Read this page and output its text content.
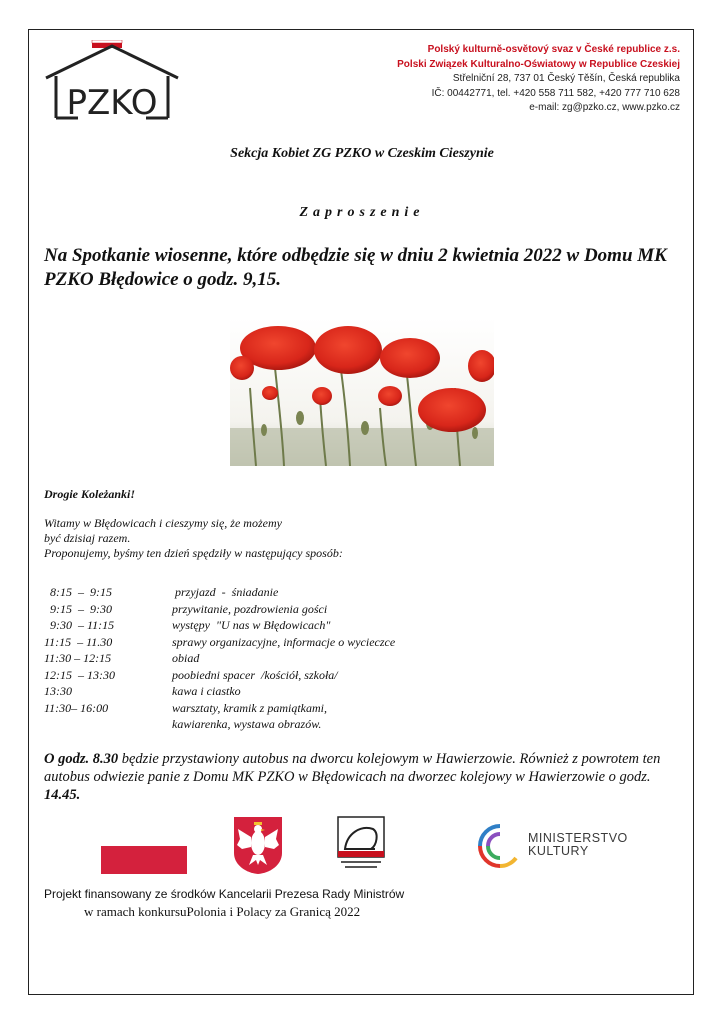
PZKO
Polský kulturně-osvětový svaz v České republice z.s.
Polski Związek Kulturalno-Oświatowy w Republice Czeskiej
Střelniční 28, 737 01 Český Těšín, Česká republika
IČ: 00442771, tel. +420 558 711 582, +420 777 710 628
e-mail: zg@pzko.cz, www.pzko.cz
Sekcja Kobiet ZG PZKO w Czeskim Cieszynie
Zaproszenie
Na Spotkanie wiosenne, które odbędzie się w dniu 2 kwietnia 2022 w Domu MK PZKO Błędowice o godz. 9,15.
Drogie Koleżanki!
Witamy w Błędowicach i cieszymy się, że możemy
być dzisiaj razem.
Proponujemy, byśmy ten dzień spędziły w następujący sposób:
8:15  –  9:15	przyjazd  -  śniadanie
9:15  –  9:30	przywitanie, pozdrowienia gości
9:30  – 11:15	występy  "U nas w Błędowicach"
11:15  – 11.30	sprawy organizacyjne, informacje o wycieczce
11:30 – 12:15	obiad
12:15  – 13:30	poobiedni spacer  /kościół, szkoła/
13:30	kawa i ciastko
11:30– 16:00	warsztaty, kramik z pamiątkami,
kawiarenka, wystawa obrazów.
O godz. 8.30 będzie przystawiony autobus na dworcu kolejowym w Hawierzowie. Również z powrotem ten autobus odwiezie panie z Domu MK PZKO w Błędowicach na dworzec kolejowy w Hawierzowie o godz. 14.45.
MINISTERSTVO
KULTURY
Projekt finansowany ze środków Kancelarii Prezesa Rady Ministrów
w ramach konkursuPolonia i Polacy za Granicą 2022
